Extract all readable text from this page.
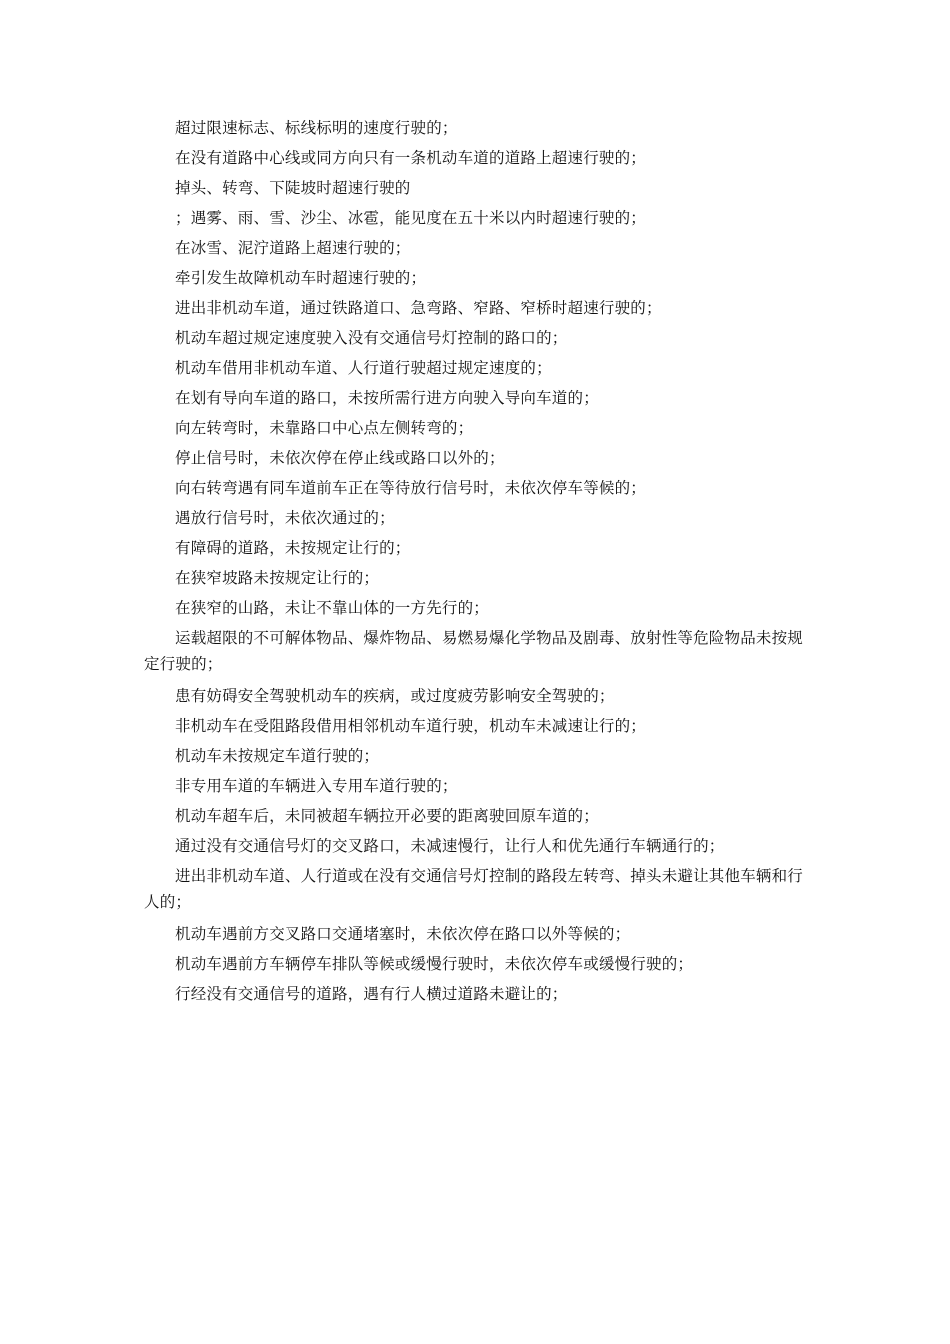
超过限速标志、标线标明的速度行驶的；

在没有道路中心线或同方向只有一条机动车道的道路上超速行驶的；

掉头、转弯、下陡坡时超速行驶的

；遇雾、雨、雪、沙尘、冰雹，能见度在五十米以内时超速行驶的；

在冰雪、泥泞道路上超速行驶的；

牵引发生故障机动车时超速行驶的；

进出非机动车道，通过铁路道口、急弯路、窄路、窄桥时超速行驶的；

机动车超过规定速度驶入没有交通信号灯控制的路口的；

机动车借用非机动车道、人行道行驶超过规定速度的；

在划有导向车道的路口，未按所需行进方向驶入导向车道的；

向左转弯时，未靠路口中心点左侧转弯的；

停止信号时，未依次停在停止线或路口以外的；

向右转弯遇有同车道前车正在等待放行信号时，未依次停车等候的；

遇放行信号时，未依次通过的；

有障碍的道路，未按规定让行的；

在狭窄坡路未按规定让行的；

在狭窄的山路，未让不靠山体的一方先行的；

运载超限的不可解体物品、爆炸物品、易燃易爆化学物品及剧毒、放射性等危险物品未按规定行驶的；

患有妨碍安全驾驶机动车的疾病，或过度疲劳影响安全驾驶的；

非机动车在受阻路段借用相邻机动车道行驶，机动车未减速让行的；

机动车未按规定车道行驶的；

非专用车道的车辆进入专用车道行驶的；

机动车超车后，未同被超车辆拉开必要的距离驶回原车道的；

通过没有交通信号灯的交叉路口，未减速慢行，让行人和优先通行车辆通行的；

进出非机动车道、人行道或在没有交通信号灯控制的路段左转弯、掉头未避让其他车辆和行人的；

机动车遇前方交叉路口交通堵塞时，未依次停在路口以外等候的；

机动车遇前方车辆停车排队等候或缓慢行驶时，未依次停车或缓慢行驶的；

行经没有交通信号的道路，遇有行人横过道路未避让的；
